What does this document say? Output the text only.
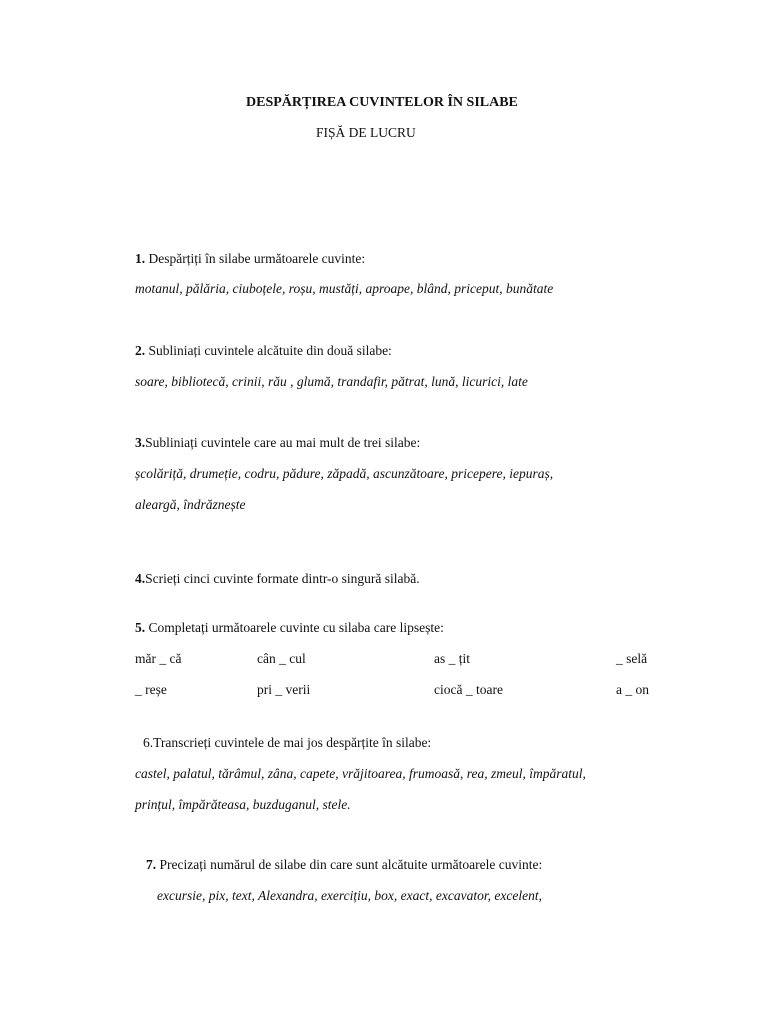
DESPĂRȚIREA CUVINTELOR ÎN SILABE
FIȘĂ DE LUCRU
1. Despărțiți în silabe următoarele cuvinte:
motanul, pălăria, ciuboțele, roșu, mustăți, aproape, blând, priceput, bunătate
2. Subliniați cuvintele alcătuite din două silabe:
soare, bibliotecă, crinii, rău , glumă, trandafir, pătrat, lună, licurici, late
3.Subliniați cuvintele care au mai mult de trei silabe:
școlăriță, drumeție, codru, pădure, zăpadă, ascunzătoare, pricepere, iepuraș,
aleargă, îndrăznește
4.Scrieți cinci cuvinte formate dintr-o singură silabă.
5. Completați următoarele cuvinte cu silaba care lipsește:
măr _ că	cân _ cul	as _ țit	_ selă
_ reșe	pri _ verii	ciocă _ toare	a _ on
6.Transcrieți cuvintele de mai jos despărțite în silabe:
castel, palatul, tărâmul, zâna, capete, vrăjitoarea, frumoasă, rea, zmeul, împăratul,
prințul, împărăteasa, buzduganul, stele.
7. Precizați numărul de silabe din care sunt alcătuite următoarele cuvinte:
excursie, pix, text, Alexandra, exercițiu, box, exact, excavator, excelent,
